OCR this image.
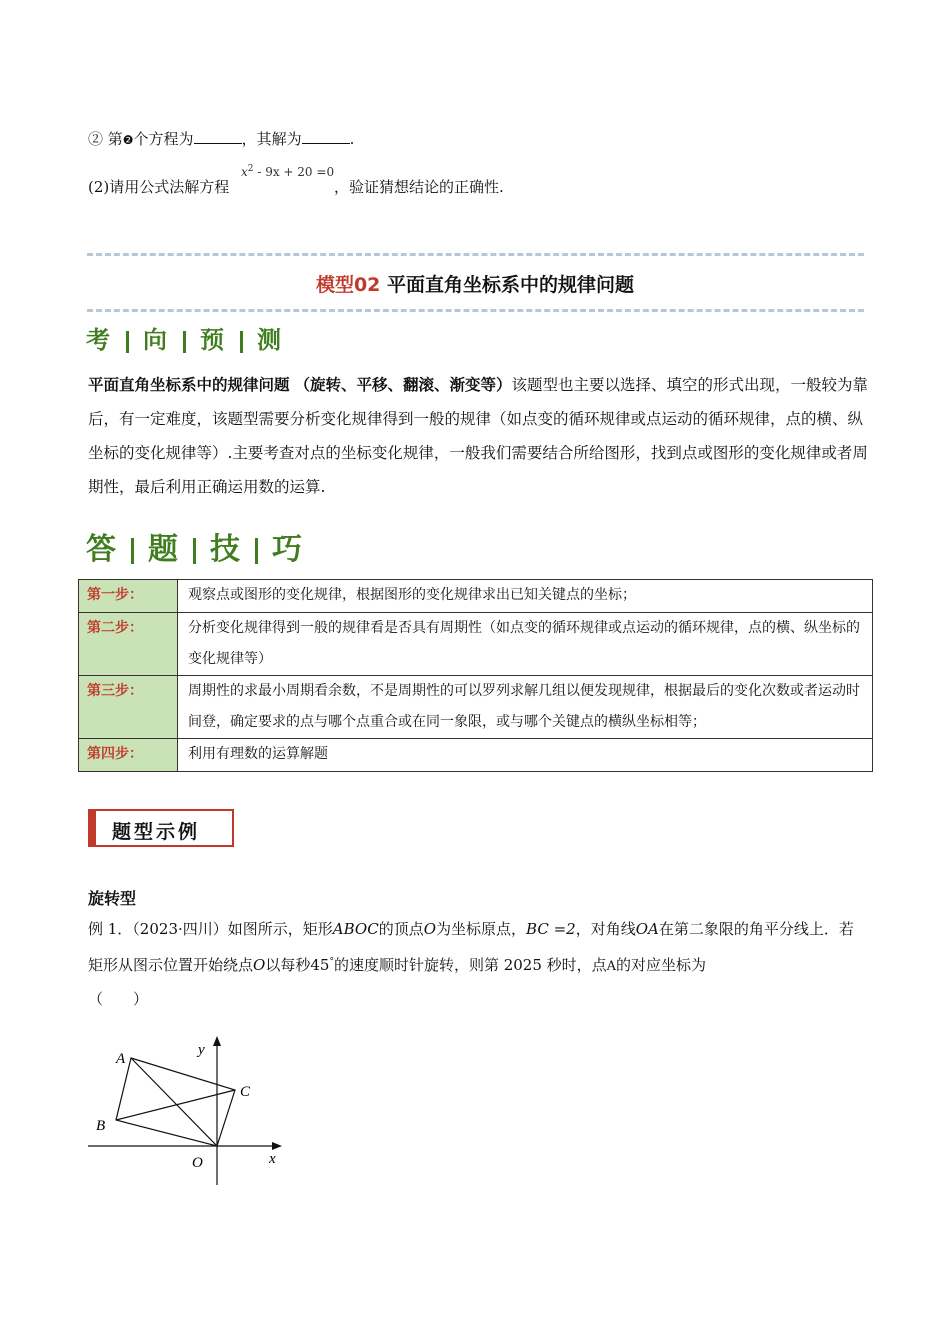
② 第❷个方程为	，其解为	.
(2)请用公式法解方程
$x^2 - 9x + 20 =0$
，验证猜想结论的正确性.
模型02 平面直角坐标系中的规律问题
考 向 预 测
平面直角坐标系中的规律问题 （旋转、平移、翻滚、渐变等）该题型也主要以选择、填空的形式出现，一般较为靠后，有一定难度，该题型需要分析变化规律得到一般的规律（如点变的循环规律或点运动的循环规律，点的横、纵坐标的变化规律等）.主要考查对点的坐标变化规律，一般我们需要结合所给图形，找到点或图形的变化规律或者周期性，最后利用正确运用数的运算.
答 题 技 巧
第一步：	观察点或图形的变化规律，根据图形的变化规律求出已知关键点的坐标；
第二步：	分析变化规律得到一般的规律看是否具有周期性（如点变的循环规律或点运动的循环规律，点的横、纵坐标的变化规律等）
第三步：	周期性的求最小周期看余数，不是周期性的可以罗列求解几组以便发现规律，根据最后的变化次数或者运动时间登，确定要求的点与哪个点重合或在同一象限，或与哪个关键点的横纵坐标相等；
第四步：	利用有理数的运算解题
题型示例
旋转型
例 1．（2023·四川）如图所示，矩形ABOC的顶点O为坐标原点，BC =2，对角线OA在第二象限的角平分线上．若矩形从图示位置开始绕点O以每秒45°的速度顺时针旋转，则第 2025 秒时，点A的对应坐标为
（　　）
y
x
A
B
C
O
